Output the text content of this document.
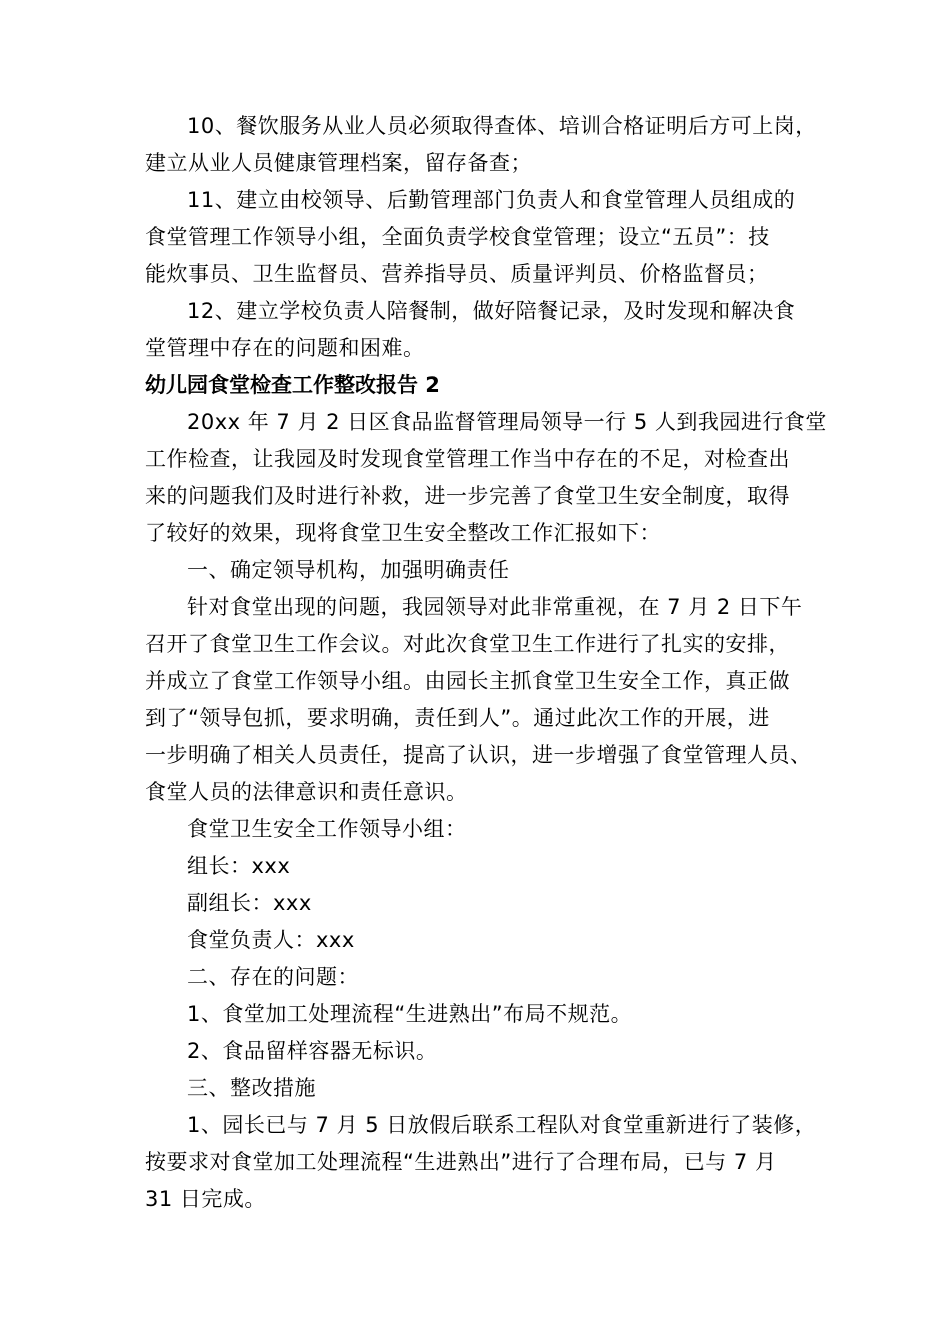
10、餐饮服务从业人员必须取得查体、培训合格证明后方可上岗，
建立从业人员健康管理档案，留存备查；
11、建立由校领导、后勤管理部门负责人和食堂管理人员组成的
食堂管理工作领导小组，全面负责学校食堂管理；设立“五员”：技
能炊事员、卫生监督员、营养指导员、质量评判员、价格监督员；
12、建立学校负责人陪餐制，做好陪餐记录，及时发现和解决食
堂管理中存在的问题和困难。
幼儿园食堂检查工作整改报告 2
20xx 年 7 月 2 日区食品监督管理局领导一行 5 人到我园进行食堂
工作检查，让我园及时发现食堂管理工作当中存在的不足，对检查出
来的问题我们及时进行补救，进一步完善了食堂卫生安全制度，取得
了较好的效果，现将食堂卫生安全整改工作汇报如下：
一、确定领导机构，加强明确责任
针对食堂出现的问题，我园领导对此非常重视，在 7 月 2 日下午
召开了食堂卫生工作会议。对此次食堂卫生工作进行了扎实的安排，
并成立了食堂工作领导小组。由园长主抓食堂卫生安全工作，真正做
到了“领导包抓，要求明确，责任到人”。通过此次工作的开展，进
一步明确了相关人员责任，提高了认识，进一步增强了食堂管理人员、
食堂人员的法律意识和责任意识。
食堂卫生安全工作领导小组：
组长：xxx
副组长：xxx
食堂负责人：xxx
二、存在的问题：
1、食堂加工处理流程“生进熟出”布局不规范。
2、食品留样容器无标识。
三、整改措施
1、园长已与 7 月 5 日放假后联系工程队对食堂重新进行了装修，
按要求对食堂加工处理流程“生进熟出”进行了合理布局，已与 7 月
31 日完成。
